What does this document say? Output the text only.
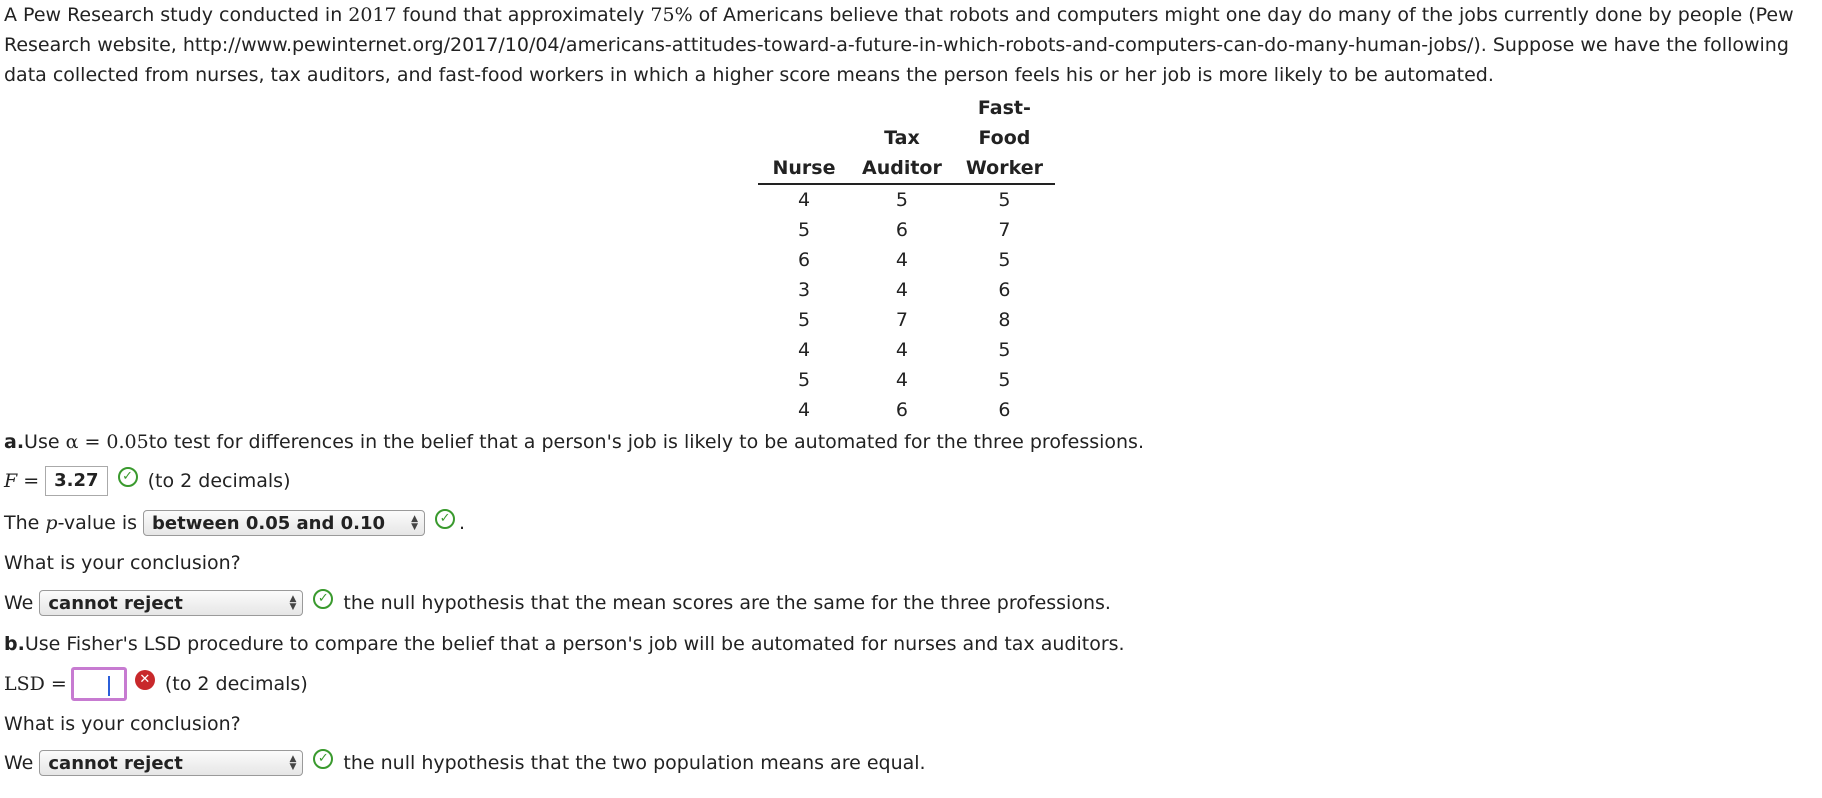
A Pew Research study conducted in 2017 found that approximately 75% of Americans believe that robots and computers might one day do many of the jobs currently done by people (Pew Research website, http://www.pewinternet.org/2017/10/04/americans-attitudes-toward-a-future-in-which-robots-and-computers-can-do-many-human-jobs/). Suppose we have the following data collected from nurses, tax auditors, and fast-food workers in which a higher score means the person feels his or her job is more likely to be automated.

Nurse	Tax Auditor	Fast-Food Worker
4	5	5
5	6	7
6	4	5
3	4	6
5	7	8
4	4	5
5	4	5
4	6	6
a. Use
α = 0.05 to test for differences in the belief that a person's job is likely to be automated for the three professions.
F = 3.27	✓
(to 2 decimals)
The
p -value is between 0.05 and 0.10	▲
▼
✓ .
What is your conclusion?
We cannot reject	▲
▼
✓
the null hypothesis that the mean scores are the same for the three professions.
b. Use Fisher's LSD procedure to compare the belief that a person's job will be automated for nurses and tax auditors.
LSD =	✕
(to 2 decimals)
What is your conclusion?
We cannot reject	▲
▼
✓
the null hypothesis that the two population means are equal.
